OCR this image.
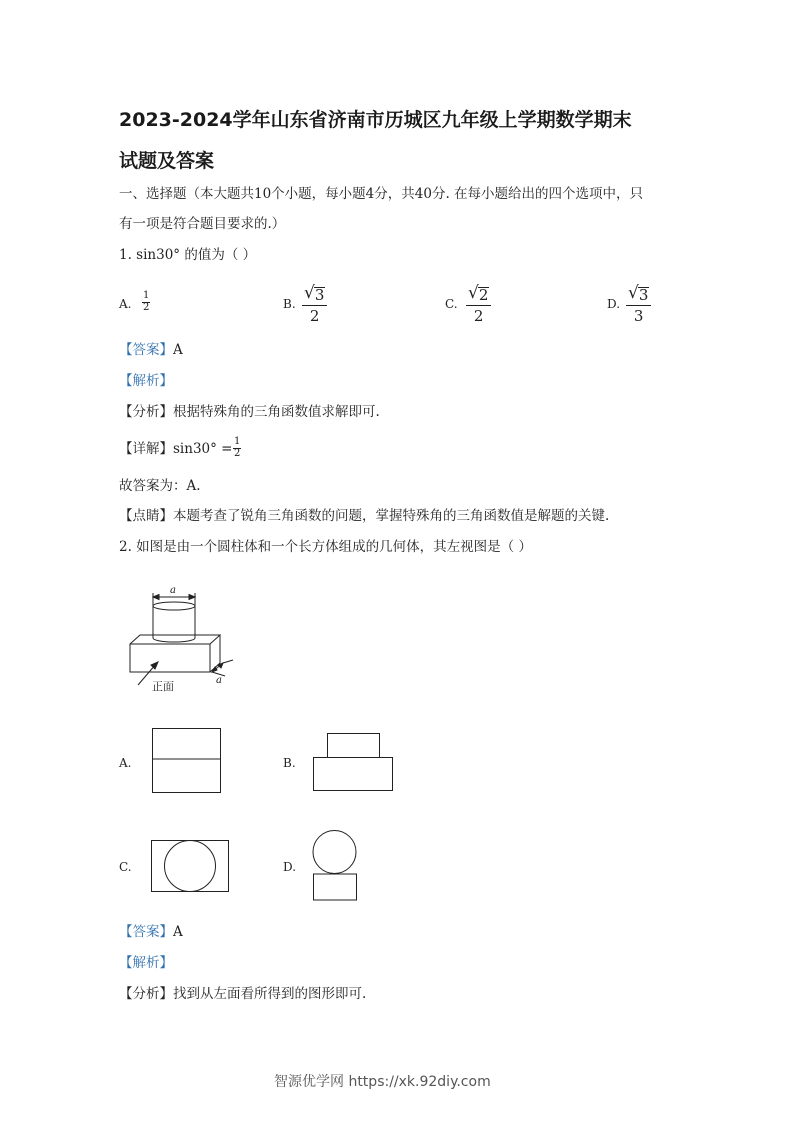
2023-2024学年山东省济南市历城区九年级上学期数学期末
试题及答案
一、选择题（本大题共10个小题，每小题4分，共40分. 在每小题给出的四个选项中，只
有一项是符合题目要求的.）
1. sin30° 的值为（ ）
A. $\frac{1}{2}$	B. $\frac{√ 3}{2}$	C. $\frac{√ 2}{2}$	D. $\frac{√ 3}{3}$
【答案】A
【解析】
【分析】根据特殊角的三角函数值求解即可.
【详解】$\sin 30^\circ = \frac{1}{2}$
故答案为：A.
【点睛】本题考查了锐角三角函数的问题，掌握特殊角的三角函数值是解题的关键.
2. 如图是由一个圆柱体和一个长方体组成的几何体，其左视图是（ ）
a
a
正面
A.	B.
C.	D.
【答案】A
【解析】
【分析】找到从左面看所得到的图形即可.
智源优学网 https://xk.92diy.com
